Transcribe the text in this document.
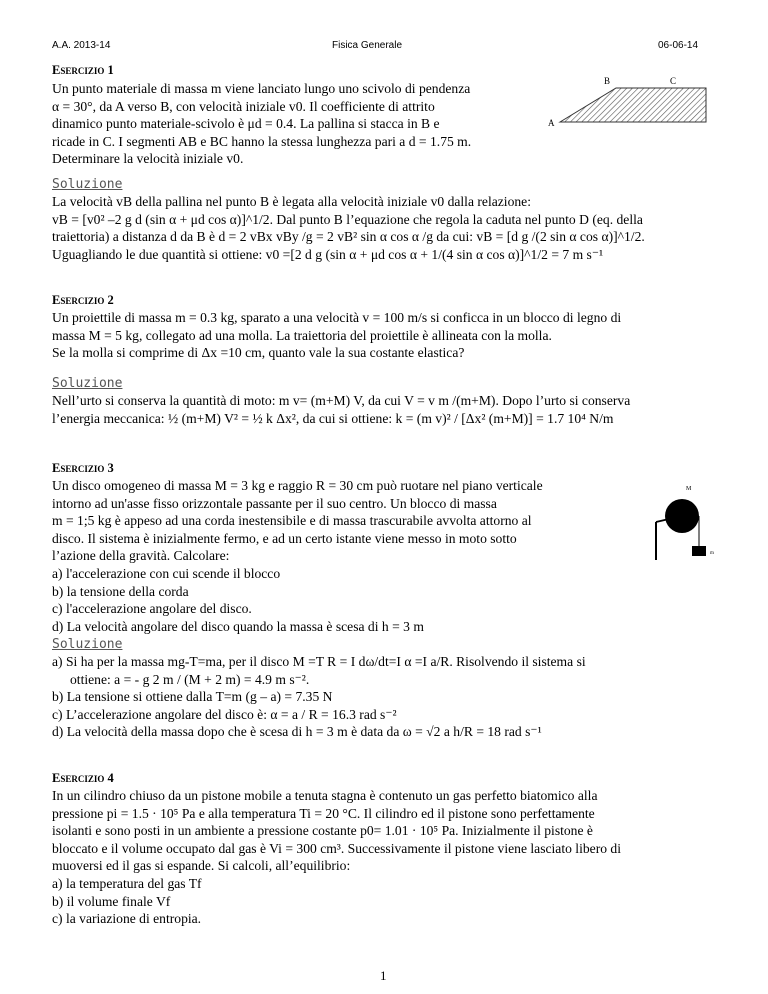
A.A. 2013-14	Fisica Generale	06-06-14
Esercizio 1
Un punto materiale di massa m viene lanciato lungo uno scivolo di pendenza
α = 30°, da A verso B, con velocità iniziale v0. Il coefficiente di attrito
dinamico punto materiale-scivolo è μd = 0.4. La pallina si stacca in B e
ricade in C. I segmenti AB e BC hanno la stessa lunghezza pari a d = 1.75 m.
Determinare la velocità iniziale v0.
A
B	C
Soluzione
La velocità vB della pallina nel punto B è legata alla velocità iniziale v0 dalla relazione:
vB = [v0² –2 g d (sin α + μd cos α)]^1/2. Dal punto B l’equazione che regola la caduta nel punto D (eq. della
traiettoria) a distanza d da B è d = 2 vBx vBy /g = 2 vB² sin α cos α /g da cui: vB = [d g /(2 sin α cos α)]^1/2.
Uguagliando le due quantità si ottiene: v0 =[2 d g (sin α + μd cos α + 1/(4 sin α cos α)]^1/2 = 7 m s⁻¹
Esercizio 2
Un proiettile di massa m = 0.3 kg, sparato a una velocità v = 100 m/s si conficca in un blocco di legno di
massa M = 5 kg, collegato ad una molla. La traiettoria del proiettile è allineata con la molla.
Se la molla si comprime di Δx =10 cm, quanto vale la sua costante elastica?
Soluzione
Nell’urto si conserva la quantità di moto: m v= (m+M) V, da cui V = v m /(m+M). Dopo l’urto si conserva
l’energia meccanica: ½ (m+M) V² = ½ k Δx², da cui si ottiene: k = (m v)² / [Δx² (m+M)] = 1.7 10⁴ N/m
Esercizio 3
Un disco omogeneo di massa M = 3 kg e raggio R = 30 cm può ruotare nel piano verticale
intorno ad un'asse fisso orizzontale passante per il suo centro. Un blocco di massa
m = 1;5 kg è appeso ad una corda inestensibile e di massa trascurabile avvolta attorno al
disco. Il sistema è inizialmente fermo, e ad un certo istante viene messo in moto sotto
l’azione della gravità. Calcolare:
a) l'accelerazione con cui scende il blocco
b) la tensione della corda
c) l'accelerazione angolare del disco.
d) La velocità angolare del disco quando la massa è scesa di h = 3 m
M
m
Soluzione
a) Si ha per la massa mg-T=ma, per il disco M =T R = I dω/dt=I α =I a/R. Risolvendo il sistema si
ottiene: a = - g 2 m / (M + 2 m) = 4.9 m s⁻².
b) La tensione si ottiene dalla T=m (g – a) = 7.35 N
c) L’accelerazione angolare del disco è: α = a / R = 16.3 rad s⁻²
d) La velocità della massa dopo che è scesa di h = 3 m è data da ω = √2 a h/R = 18 rad s⁻¹
Esercizio 4
In un cilindro chiuso da un pistone mobile a tenuta stagna è contenuto un gas perfetto biatomico alla
pressione pi = 1.5 · 10⁵ Pa e alla temperatura Ti = 20 °C. Il cilindro ed il pistone sono perfettamente
isolanti e sono posti in un ambiente a pressione costante p0= 1.01 · 10⁵ Pa. Inizialmente il pistone è
bloccato e il volume occupato dal gas è Vi = 300 cm³. Successivamente il pistone viene lasciato libero di
muoversi ed il gas si espande. Si calcoli, all’equilibrio:
a) la temperatura del gas Tf
b) il volume finale Vf
c) la variazione di entropia.
1
